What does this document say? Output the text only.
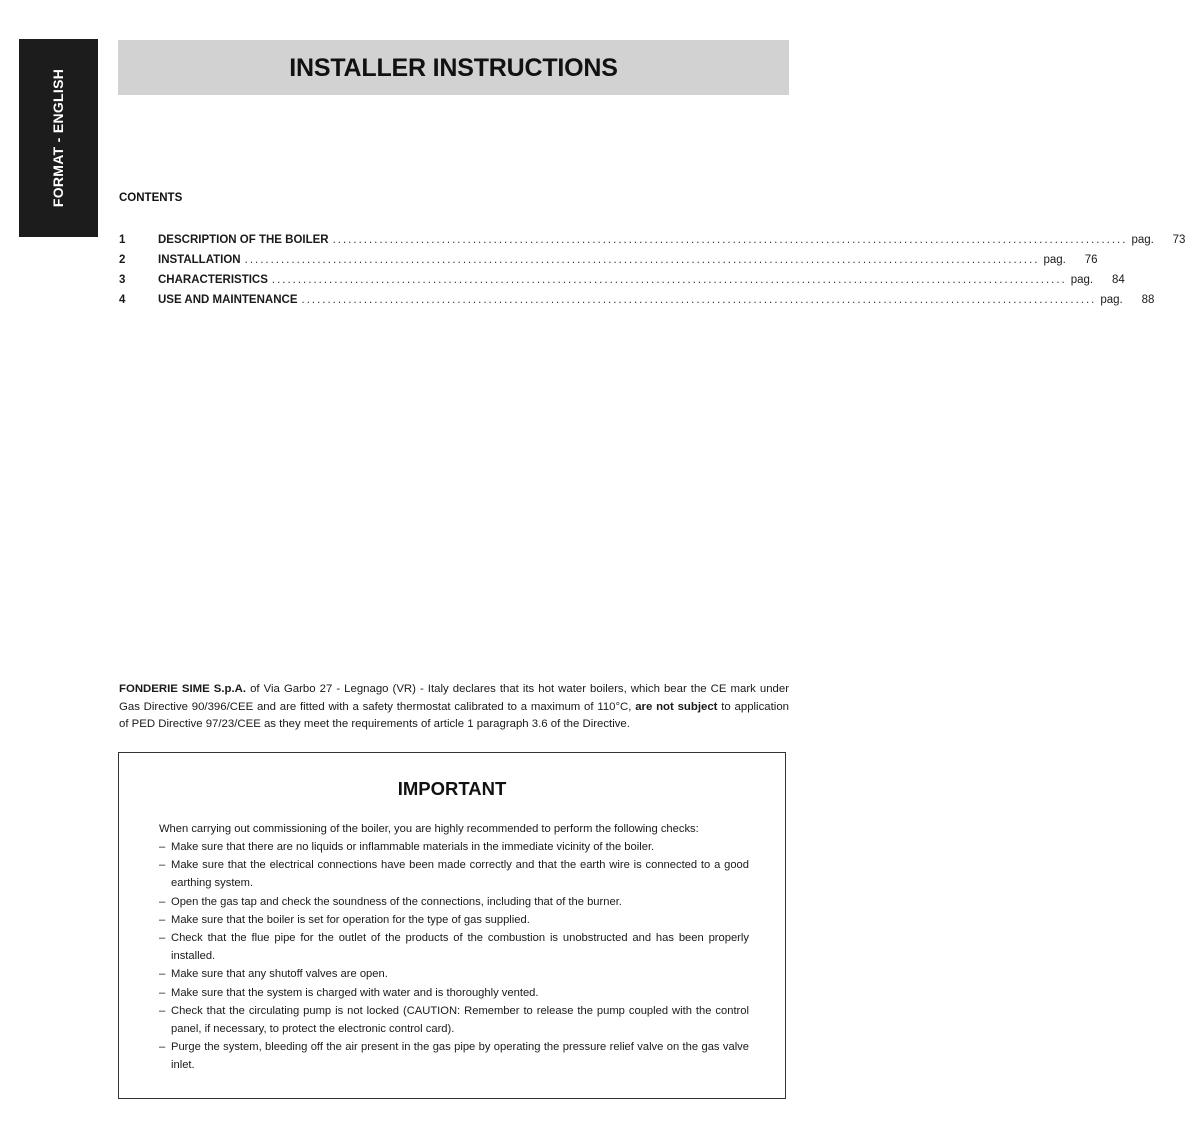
FORMAT - ENGLISH
INSTALLER INSTRUCTIONS
CONTENTS
1	DESCRIPTION OF THE BOILER ......................................................................................................................................................... pag.	73
2	INSTALLATION ......................................................................................................................................................... pag.	76
3	CHARACTERISTICS ......................................................................................................................................................... pag.	84
4	USE AND MAINTENANCE ......................................................................................................................................................... pag.	88
FONDERIE SIME S.p.A. of Via Garbo 27 - Legnago (VR) - Italy declares that its hot water boilers, which bear the CE mark under Gas Directive 90/396/CEE and are fitted with a safety thermostat calibrated to a maximum of 110°C, are not subject to application of PED Directive 97/23/CEE as they meet the requirements of article 1 paragraph 3.6 of the Directive.
IMPORTANT
When carrying out commissioning of the boiler, you are highly recommended to perform the following checks:
– Make sure that there are no liquids or inflammable materials in the immediate vicinity of the boiler.
– Make sure that the electrical connections have been made correctly and that the earth wire is connected to a good earthing system.
– Open the gas tap and check the soundness of the connections, including that of the burner.
– Make sure that the boiler is set for operation for the type of gas supplied.
– Check that the flue pipe for the outlet of the products of the combustion is unobstructed and has been properly installed.
– Make sure that any shutoff valves are open.
– Make sure that the system is charged with water and is thoroughly vented.
– Check that the circulating pump is not locked (CAUTION: Remember to release the pump coupled with the control panel, if necessary, to protect the electronic control card).
– Purge the system, bleeding off the air present in the gas pipe by operating the pressure relief valve on the gas valve inlet.
